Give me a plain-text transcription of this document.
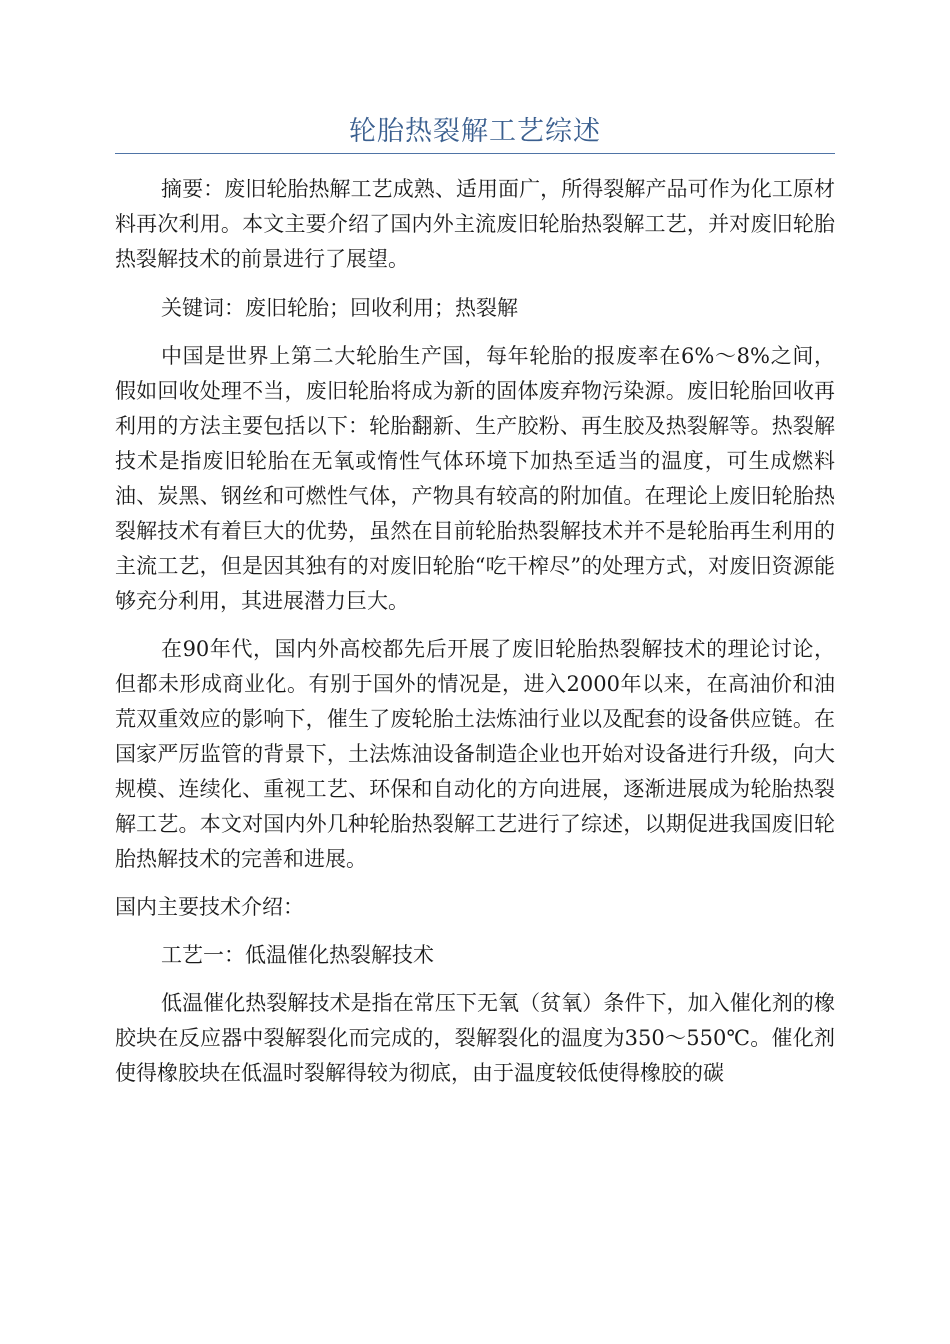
轮胎热裂解工艺综述

摘要：废旧轮胎热解工艺成熟、适用面广，所得裂解产品可作为化工原材料再次利用。本文主要介绍了国内外主流废旧轮胎热裂解工艺，并对废旧轮胎热裂解技术的前景进行了展望。

关键词：废旧轮胎；回收利用；热裂解

中国是世界上第二大轮胎生产国，每年轮胎的报废率在6%～8%之间，假如回收处理不当，废旧轮胎将成为新的固体废弃物污染源。废旧轮胎回收再利用的方法主要包括以下：轮胎翻新、生产胶粉、再生胶及热裂解等。热裂解技术是指废旧轮胎在无氧或惰性气体环境下加热至适当的温度，可生成燃料油、炭黑、钢丝和可燃性气体，产物具有较高的附加值。在理论上废旧轮胎热裂解技术有着巨大的优势，虽然在目前轮胎热裂解技术并不是轮胎再生利用的主流工艺，但是因其独有的对废旧轮胎“吃干榨尽”的处理方式，对废旧资源能够充分利用，其进展潜力巨大。

在90年代，国内外高校都先后开展了废旧轮胎热裂解技术的理论讨论，但都未形成商业化。有别于国外的情况是，进入2000年以来，在高油价和油荒双重效应的影响下，催生了废轮胎土法炼油行业以及配套的设备供应链。在国家严厉监管的背景下，土法炼油设备制造企业也开始对设备进行升级，向大规模、连续化、重视工艺、环保和自动化的方向进展，逐渐进展成为轮胎热裂解工艺。本文对国内外几种轮胎热裂解工艺进行了综述，以期促进我国废旧轮胎热解技术的完善和进展。

国内主要技术介绍：

工艺一：低温催化热裂解技术

低温催化热裂解技术是指在常压下无氧（贫氧）条件下，加入催化剂的橡胶块在反应器中裂解裂化而完成的，裂解裂化的温度为350～550℃。催化剂使得橡胶块在低温时裂解得较为彻底，由于温度较低使得橡胶的碳
